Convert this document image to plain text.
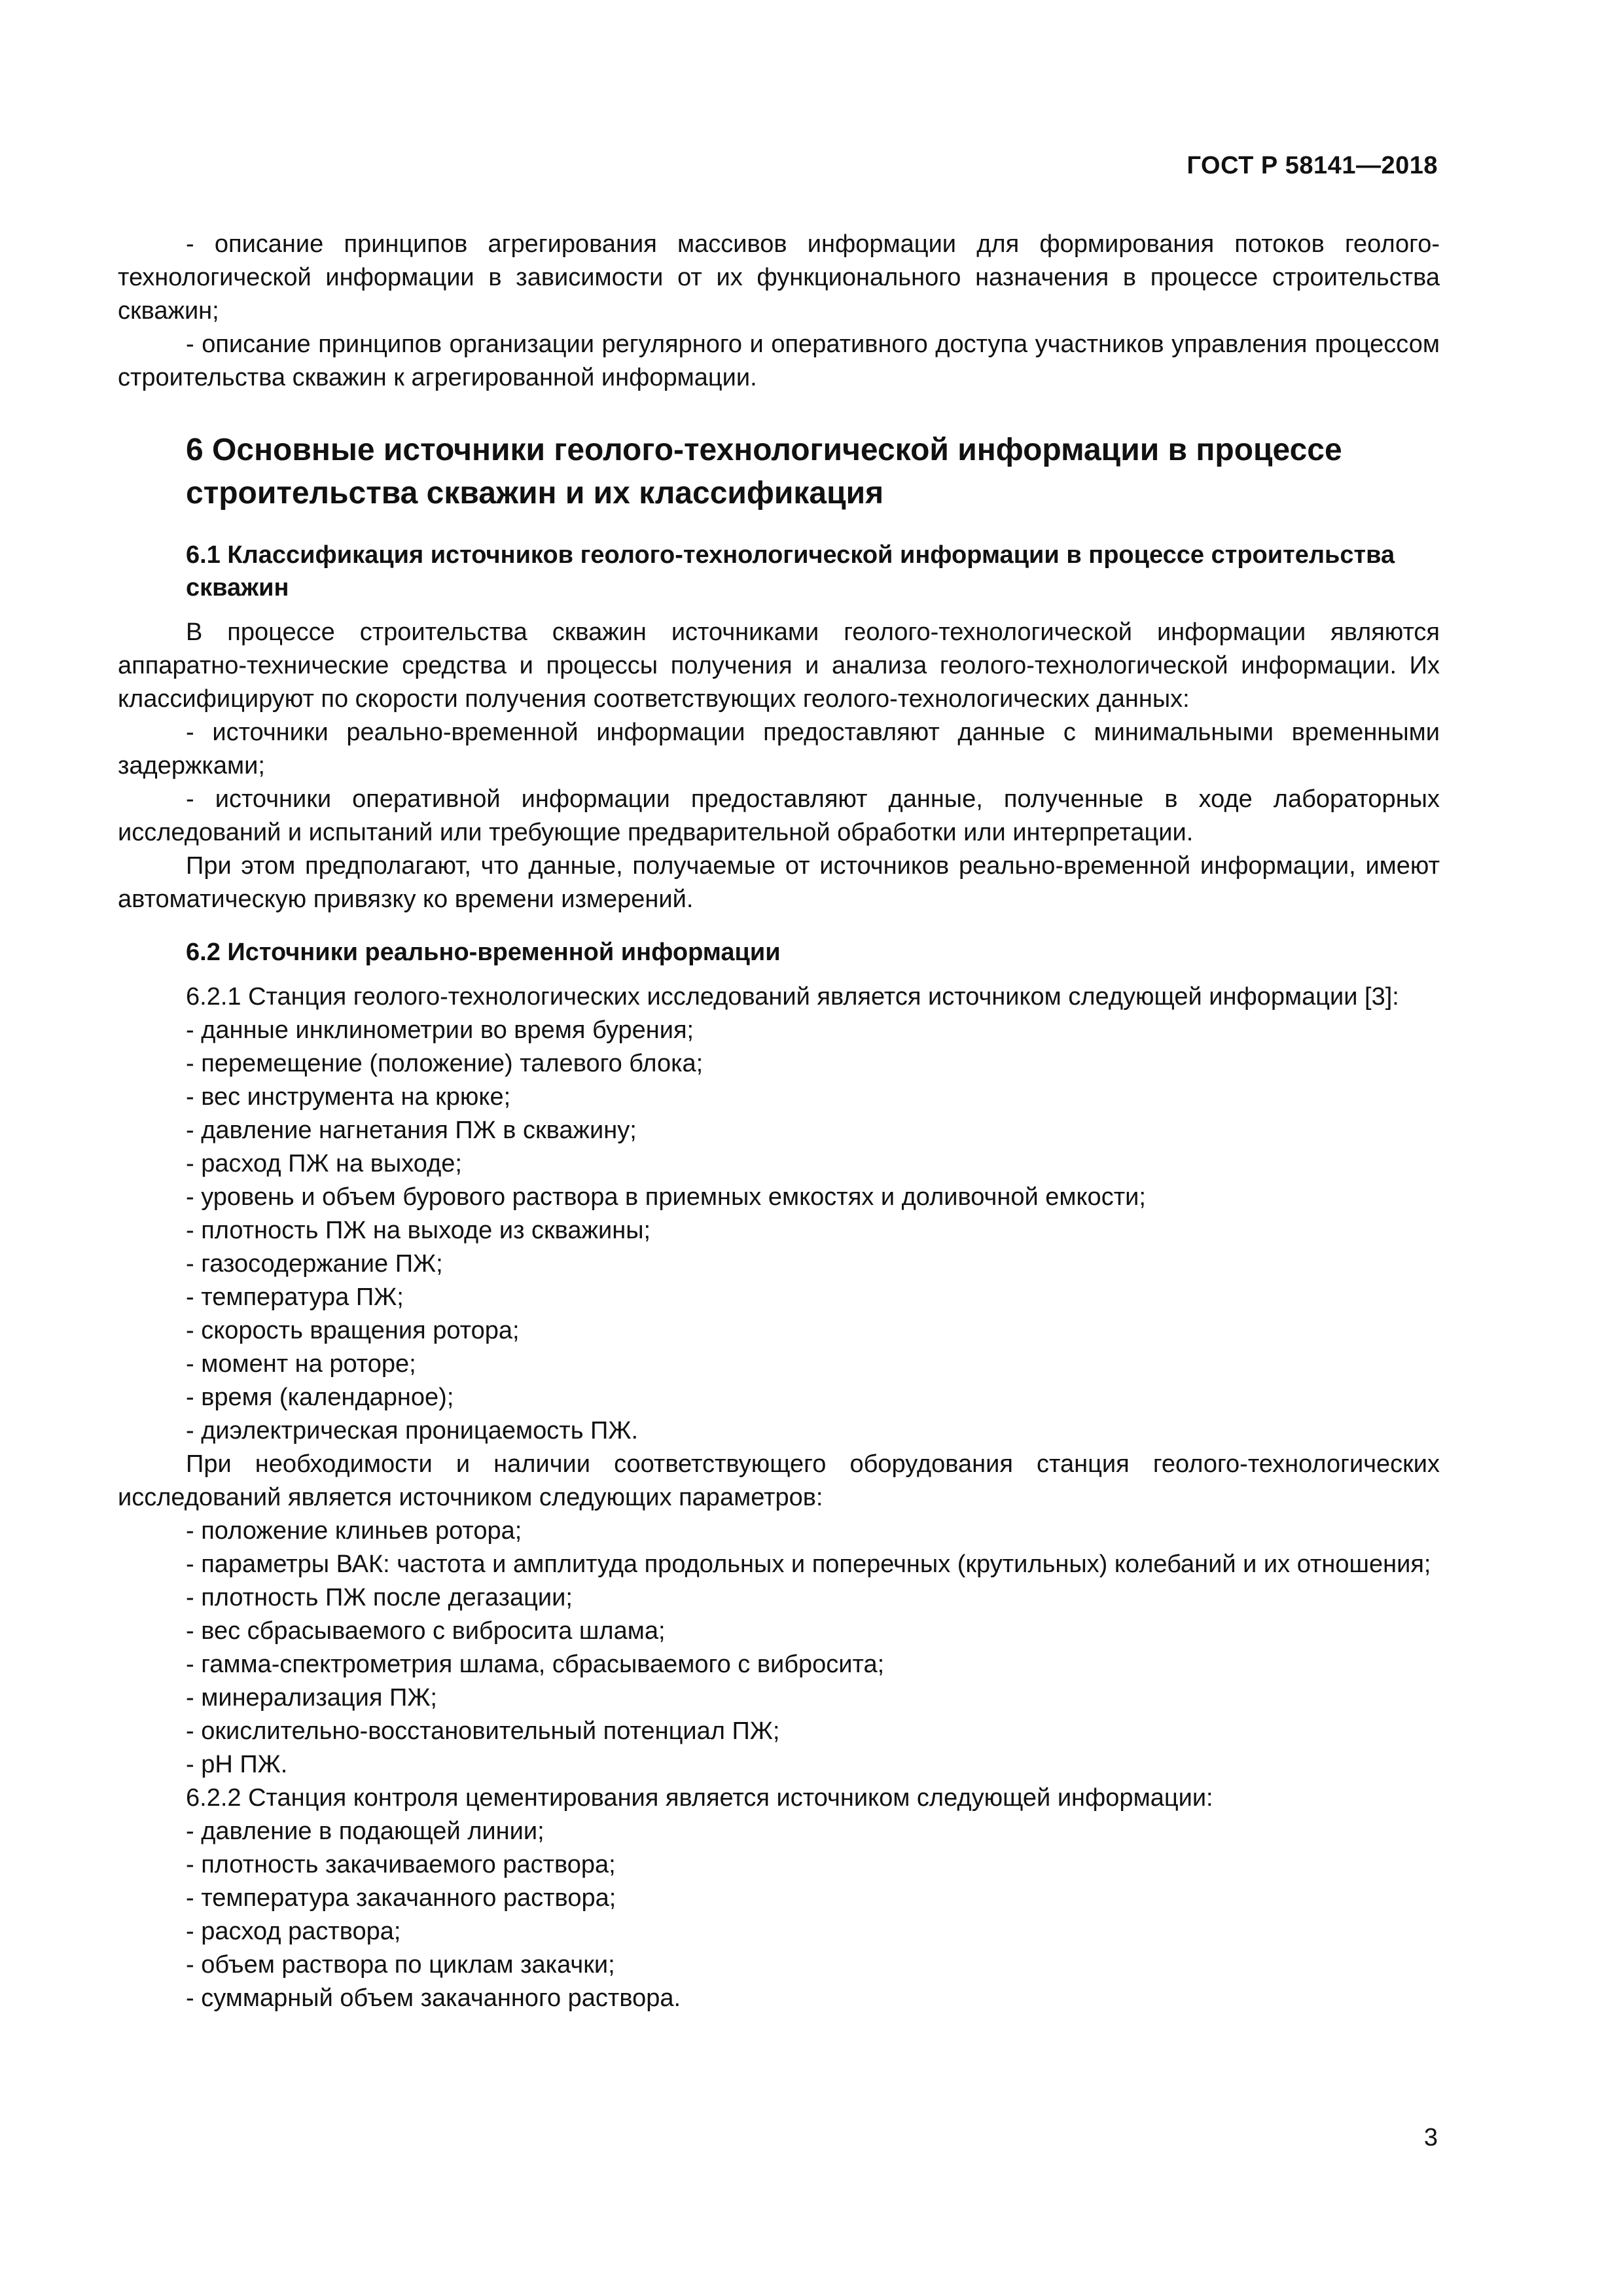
ГОСТ Р 58141—2018

- описание принципов агрегирования массивов информации для формирования потоков геолого-технологической информации в зависимости от их функционального назначения в процессе строительства скважин;

- описание принципов организации регулярного и оперативного доступа участников управления процессом строительства скважин к агрегированной информации.

6 Основные источники геолого-технологической информации в процессе строительства скважин и их классификация
6.1 Классификация источников геолого-технологической информации в процессе строительства скважин

В процессе строительства скважин источниками геолого-технологической информации являются аппаратно-технические средства и процессы получения и анализа геолого-технологической информации. Их классифицируют по скорости получения соответствующих геолого-технологических данных:

- источники реально-временной информации предоставляют данные с минимальными временными задержками;

- источники оперативной информации предоставляют данные, полученные в ходе лабораторных исследований и испытаний или требующие предварительной обработки или интерпретации.

При этом предполагают, что данные, получаемые от источников реально-временной информации, имеют автоматическую привязку ко времени измерений.

6.2 Источники реально-временной информации

6.2.1 Станция геолого-технологических исследований является источником следующей информации [3]:

- данные инклинометрии во время бурения;

- перемещение (положение) талевого блока;

- вес инструмента на крюке;

- давление нагнетания ПЖ в скважину;

- расход ПЖ на выходе;

- уровень и объем бурового раствора в приемных емкостях и доливочной емкости;

- плотность ПЖ на выходе из скважины;

- газосодержание ПЖ;

- температура ПЖ;

- скорость вращения ротора;

- момент на роторе;

- время (календарное);

- диэлектрическая проницаемость ПЖ.

При необходимости и наличии соответствующего оборудования станция геолого-технологических исследований является источником следующих параметров:

- положение клиньев ротора;

- параметры ВАК: частота и амплитуда продольных и поперечных (крутильных) колебаний и их отношения;

- плотность ПЖ после дегазации;

- вес сбрасываемого с вибросита шлама;

- гамма-спектрометрия шлама, сбрасываемого с вибросита;

- минерализация ПЖ;

- окислительно-восстановительный потенциал ПЖ;

- pH ПЖ.

6.2.2 Станция контроля цементирования является источником следующей информации:

- давление в подающей линии;

- плотность закачиваемого раствора;

- температура закачанного раствора;

- расход раствора;

- объем раствора по циклам закачки;

- суммарный объем закачанного раствора.

3
